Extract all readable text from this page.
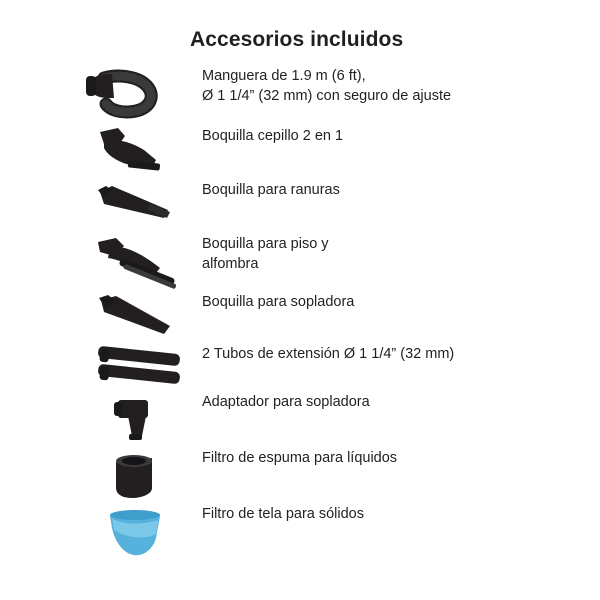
Accesorios incluidos
Manguera de 1.9 m (6 ft),
Ø 1 1/4” (32 mm) con seguro de ajuste
Boquilla cepillo 2 en 1
Boquilla para ranuras
Boquilla para piso y
alfombra
Boquilla para sopladora
2 Tubos de extensión Ø 1 1/4” (32 mm)
Adaptador para sopladora
Filtro de espuma para líquidos
Filtro de tela para sólidos
